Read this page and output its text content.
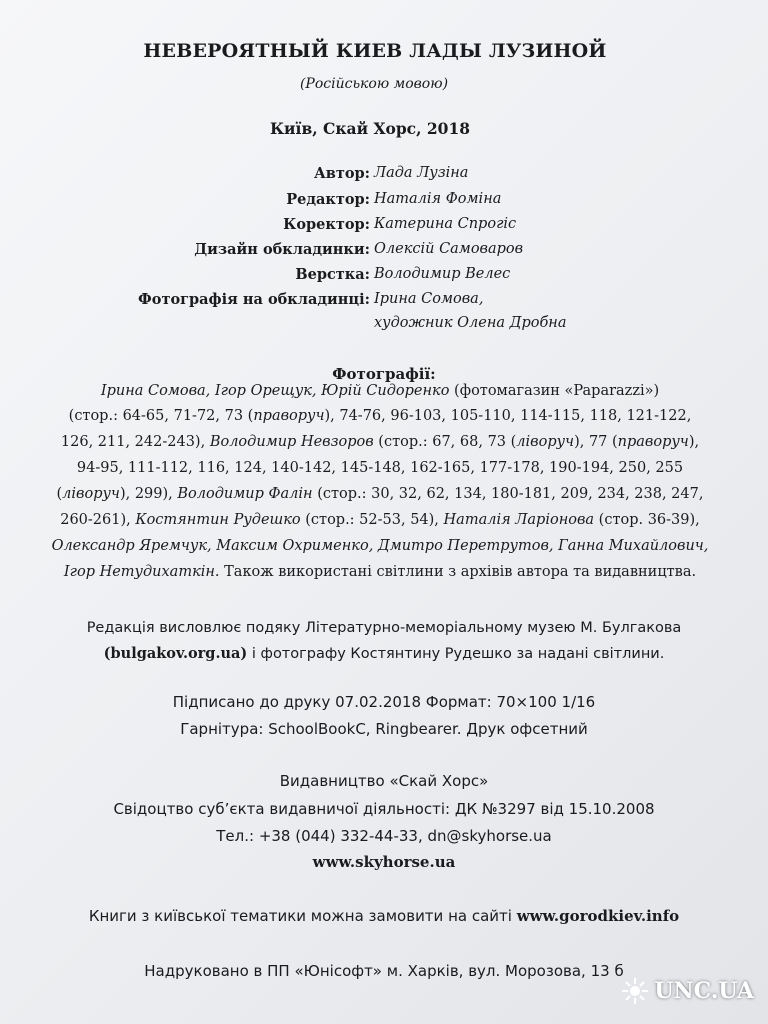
НЕВЕРОЯТНЫЙ КИЕВ ЛАДЫ ЛУЗИНОЙ
(Російською мовою)
Київ, Скай Хорс, 2018
Автор: Лада Лузіна
Редактор: Наталія Фоміна
Коректор: Катерина Спрогіс
Дизайн обкладинки: Олексій Самоваров
Верстка: Володимир Велес
Фотографія на обкладинці: Ірина Сомова,
художник Олена Дробна
Фотографії:
Ірина Сомова, Ігор Орещук, Юрій Сидоренко (фотомагазин «Paparazzi»)
(стор.: 64-65, 71-72, 73 (праворуч), 74-76, 96-103, 105-110, 114-115, 118, 121-122,
126, 211, 242-243), Володимир Невзоров (стор.: 67, 68, 73 (ліворуч), 77 (праворуч),
94-95, 111-112, 116, 124, 140-142, 145-148, 162-165, 177-178, 190-194, 250, 255
(ліворуч), 299), Володимир Фалін (стор.: 30, 32, 62, 134, 180-181, 209, 234, 238, 247,
260-261), Костянтин Рудешко (стор.: 52-53, 54), Наталія Ларіонова (стор. 36-39),
Олександр Яремчук, Максим Охрименко, Дмитро Перетрутов, Ганна Михайлович,
Ігор Нетудихаткін. Також використані світлини з архівів автора та видавництва.
Редакція висловлює подяку Літературно-меморіальному музею М. Булгакова
(bulgakov.org.ua) і фотографу Костянтину Рудешко за надані світлини.
Підписано до друку 07.02.2018 Формат: 70×100 1/16
Гарнітура: SchoolBookC, Ringbearer. Друк офсетний
Видавництво «Скай Хорс»
Свідоцтво суб’єкта видавничої діяльності: ДК №3297 від 15.10.2008
Тел.: +38 (044) 332-44-33, dn@skyhorse.ua
www.skyhorse.ua
Книги з київської тематики можна замовити на сайті www.gorodkiev.info
Надруковано в ПП «Юнісофт» м. Харків, вул. Морозова, 13 б
UNC.UA
